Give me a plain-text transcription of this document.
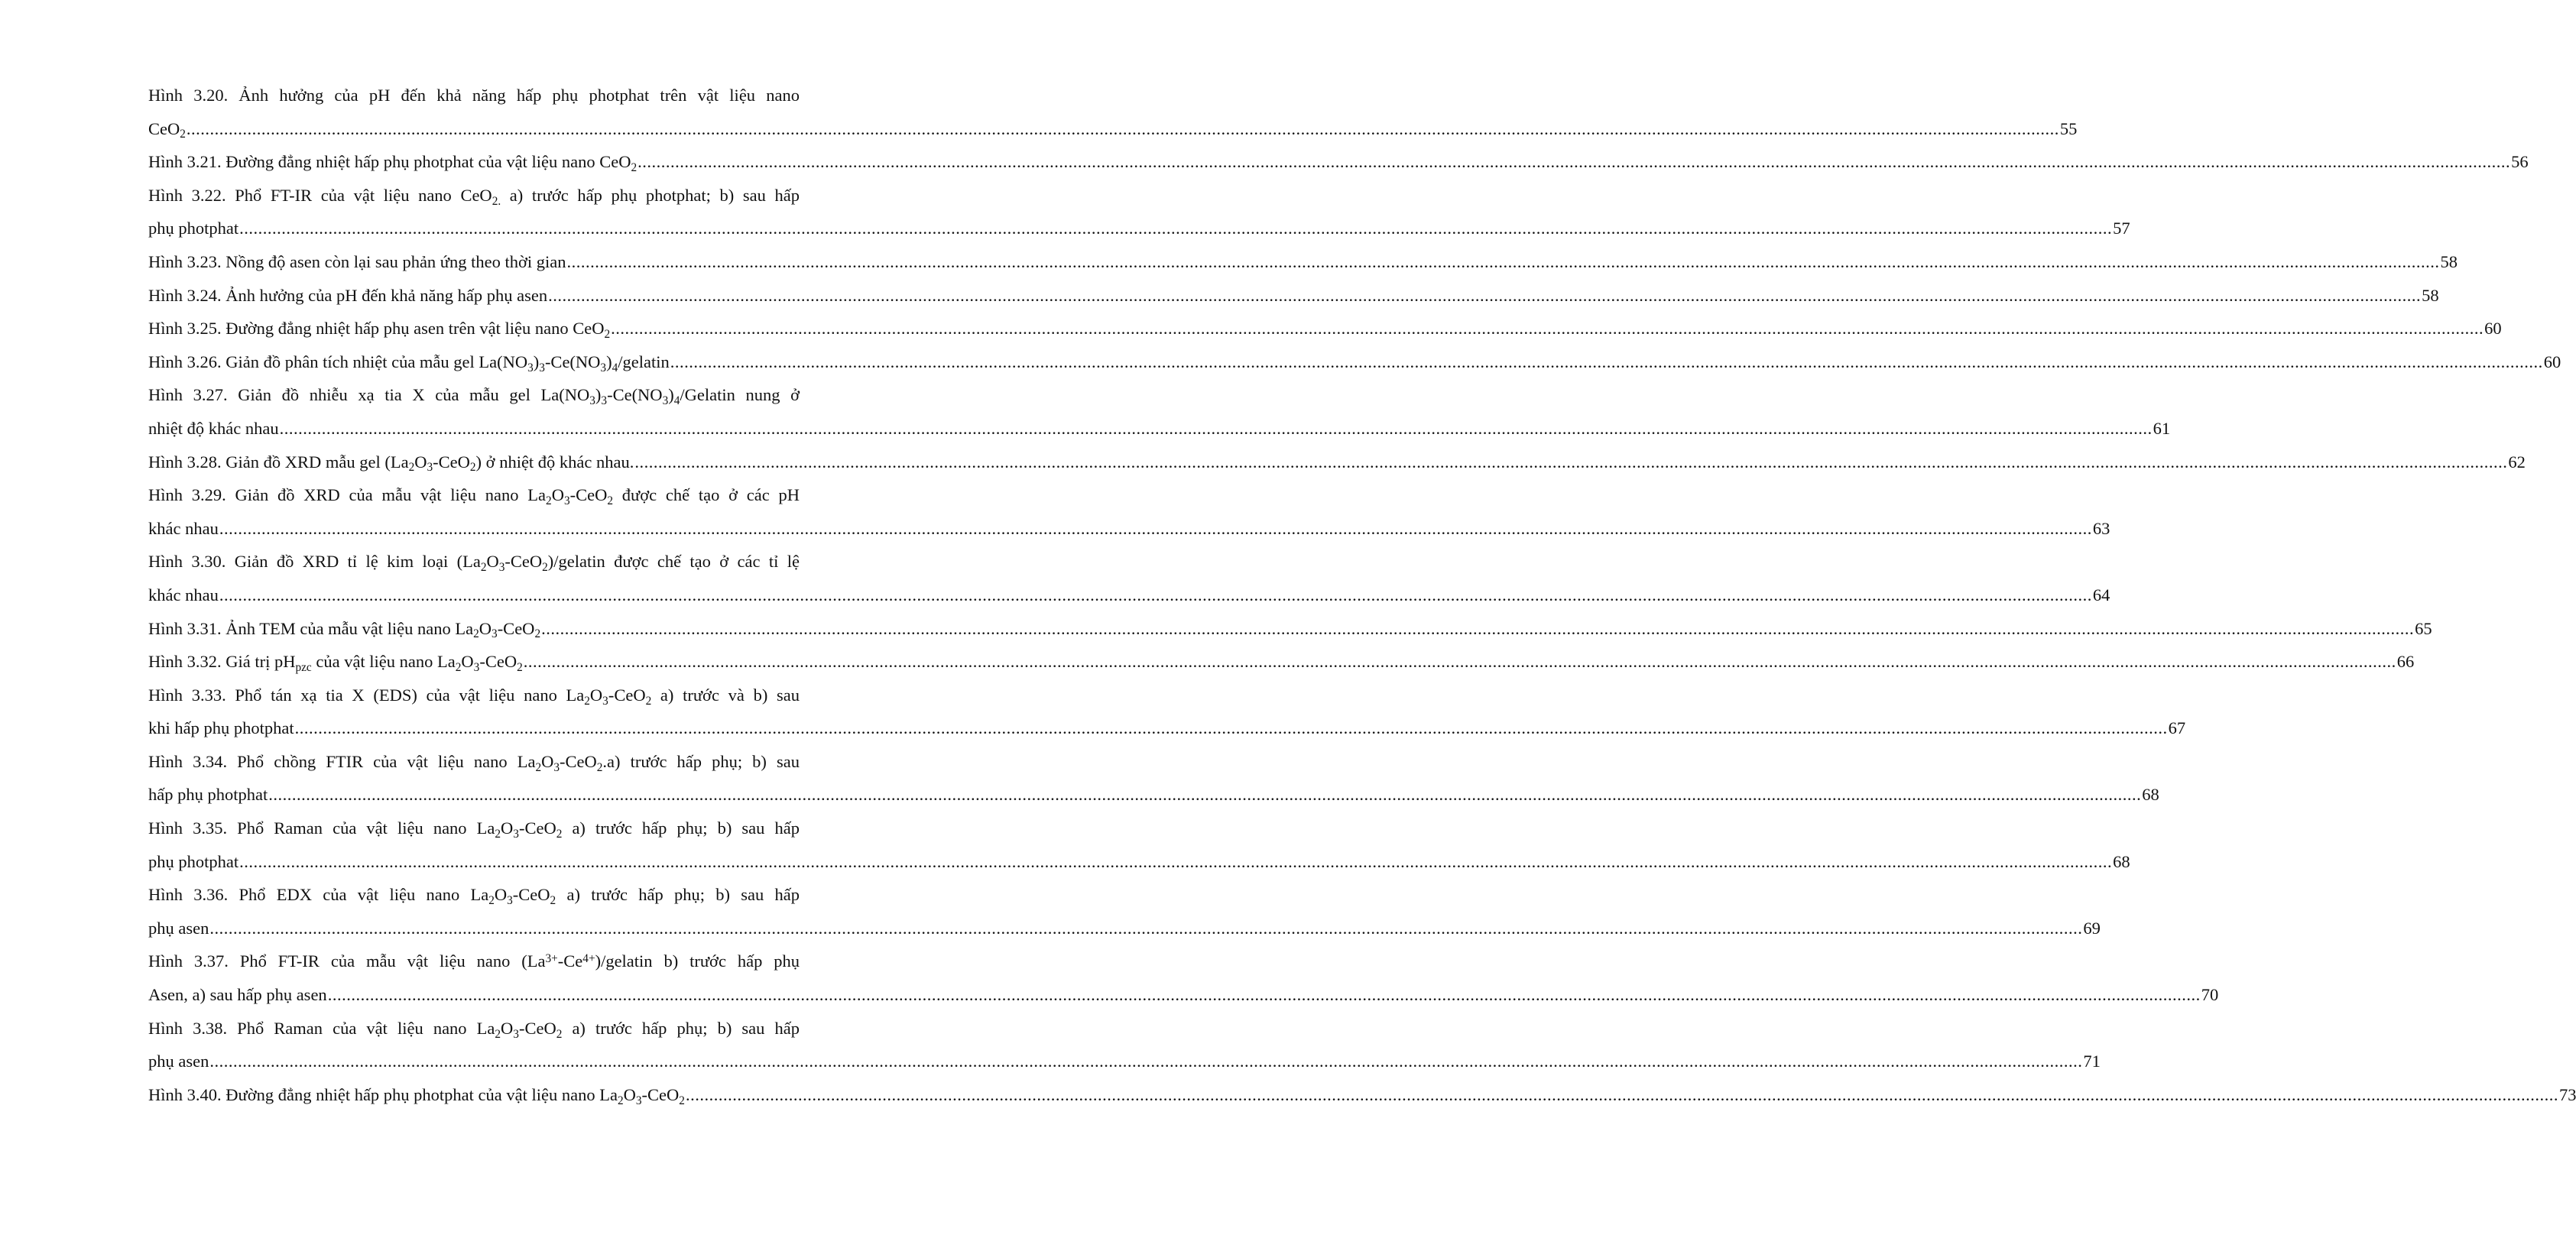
Hình 3.20. Ảnh hưởng của pH đến khả năng hấp phụ photphat trên vật liệu nano
CeO$_2$ ................................................................................................................................................................................................................................................................................................................................................................................................................ 55
Hình 3.21. Đường đẳng nhiệt hấp phụ photphat của vật liệu nano CeO$_2$ ................................................................................................................................................................................................................................................................................................................................................................................................................ 56
Hình 3.22. Phổ FT-IR của vật liệu nano CeO$_{2.}$ a) trước hấp phụ photphat; b) sau hấp
phụ photphat ................................................................................................................................................................................................................................................................................................................................................................................................................ 57
Hình 3.23. Nồng độ asen còn lại sau phản ứng theo thời gian ................................................................................................................................................................................................................................................................................................................................................................................................................ 58
Hình 3.24. Ảnh hưởng của pH đến khả năng hấp phụ asen ................................................................................................................................................................................................................................................................................................................................................................................................................ 58
Hình 3.25. Đường đẳng nhiệt hấp phụ asen trên vật liệu nano CeO$_2$ ................................................................................................................................................................................................................................................................................................................................................................................................................ 60
Hình 3.26. Giản đồ phân tích nhiệt của mẫu gel $La(NO_3)_3-Ce(NO_3)_4$/gelatin ................................................................................................................................................................................................................................................................................................................................................................................................................ 60
Hình 3.27. Giản đồ nhiễu xạ tia X của mẫu gel $La(NO_3)_3-Ce(NO_3)_4$/Gelatin nung ở
nhiệt độ khác nhau ................................................................................................................................................................................................................................................................................................................................................................................................................ 61
Hình 3.28. Giản đồ XRD mẫu gel $(La_2O_3-CeO_2)$ ở nhiệt độ khác nhau. ................................................................................................................................................................................................................................................................................................................................................................................................................ 62
Hình 3.29. Giản đồ XRD của mẫu vật liệu nano $La_2O_3-CeO_2$ được chế tạo ở các pH
khác nhau ................................................................................................................................................................................................................................................................................................................................................................................................................ 63
Hình 3.30. Giản đồ XRD tỉ lệ kim loại $(La_2O_3-CeO_2)$/gelatin được chế tạo ở các tỉ lệ
khác nhau ................................................................................................................................................................................................................................................................................................................................................................................................................ 64
Hình 3.31. Ảnh TEM của mẫu vật liệu nano $La_2O_3-CeO_2$ ................................................................................................................................................................................................................................................................................................................................................................................................................ 65
Hình 3.32. Giá trị $pH_{pzc}$ của vật liệu nano $La_2O_3-CeO_2$ ................................................................................................................................................................................................................................................................................................................................................................................................................ 66
Hình 3.33. Phổ tán xạ tia X (EDS) của vật liệu nano $La_2O_3-CeO_2$ a) trước và b) sau
khi hấp phụ photphat ................................................................................................................................................................................................................................................................................................................................................................................................................ 67
Hình 3.34. Phổ chồng FTIR của vật liệu nano $La_2O_3-CeO_2.a$) trước hấp phụ; b) sau
hấp phụ photphat ................................................................................................................................................................................................................................................................................................................................................................................................................ 68
Hình 3.35. Phổ Raman của vật liệu nano $La_2O_3-CeO_2$ a) trước hấp phụ; b) sau hấp
phụ photphat ................................................................................................................................................................................................................................................................................................................................................................................................................ 68
Hình 3.36. Phổ EDX của vật liệu nano $La_2O_3-CeO_2$ a) trước hấp phụ; b) sau hấp
phụ asen ................................................................................................................................................................................................................................................................................................................................................................................................................ 69
Hình 3.37. Phổ FT-IR của mẫu vật liệu nano $(La^{3+}-Ce^{4+})$/gelatin b) trước hấp phụ
Asen, a) sau hấp phụ asen ................................................................................................................................................................................................................................................................................................................................................................................................................ 70
Hình 3.38. Phổ Raman của vật liệu nano $La_2O_3-CeO_2$ a) trước hấp phụ; b) sau hấp
phụ asen ................................................................................................................................................................................................................................................................................................................................................................................................................ 71
Hình 3.40. Đường đẳng nhiệt hấp phụ photphat của vật liệu nano $La_2O_3-CeO_2$ ................................................................................................................................................................................................................................................................................................................................................................................................................ 73
